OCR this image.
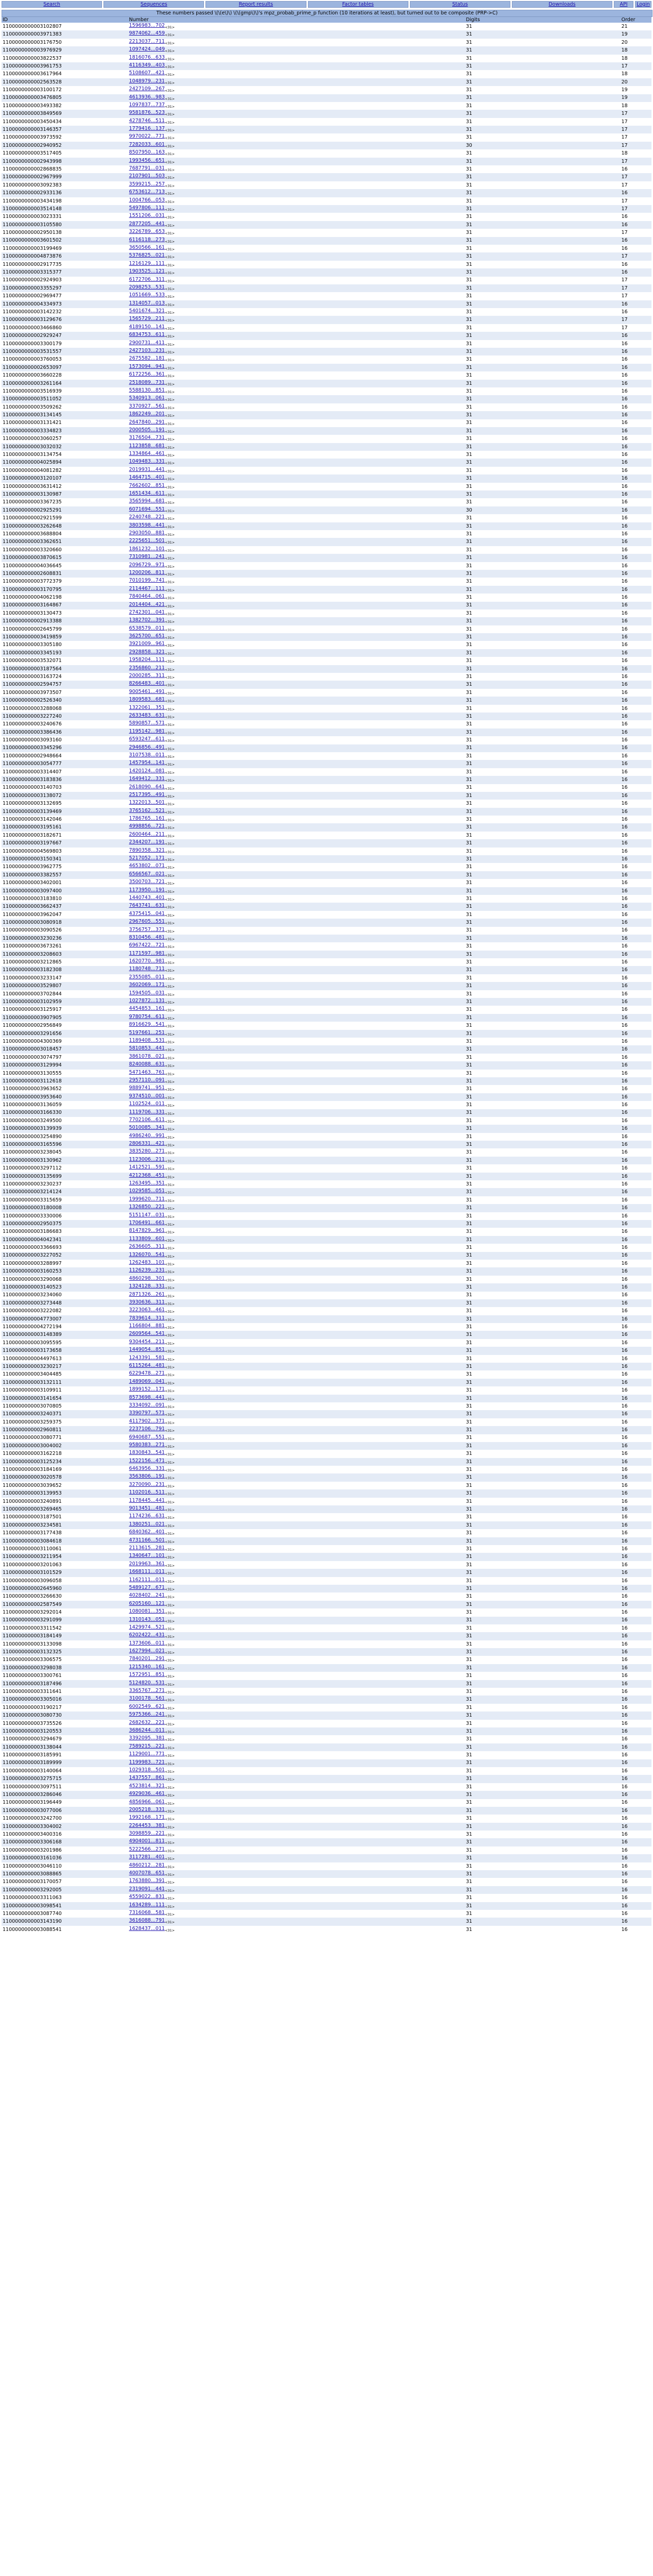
Search	Sequences	Report results	Factor tables	Status	Downloads	API	Login
These numbers passed \(\(e\)\) \(\(gmp\)\)'s mpz_probab_prime_p function (10 iterations at least), but turned out to be composite (PRP->C)
ID	Number	Digits	Order
1100000000003102807	$1596983...702_{<31>}$	31	21
1100000000003971383	$9874062...459_{<31>}$	31	19
1100000000003176750	$2213037...711_{<31>}$	31	20
1100000000003976929	$1097424...049_{<31>}$	31	18
1100000000003822537	$1816076...633_{<31>}$	31	18
1100000000003961753	$4116349...403_{<31>}$	31	17
1100000000003617964	$5108607...421_{<31>}$	31	18
1100000000002563528	$1048979...231_{<31>}$	31	20
1100000000003100172	$2427109...267_{<31>}$	31	19
1100000000003476805	$4613936...983_{<31>}$	31	19
1100000000003493382	$1097837...737_{<31>}$	31	18
1100000000003849569	$9581876...523_{<31>}$	31	17
1100000000003450434	$4278746...511_{<31>}$	31	17
1100000000003146357	$1779416...137_{<31>}$	31	17
1100000000003973592	$9970022...771_{<31>}$	31	17
1100000000002940952	$7282033...601_{<31>}$	30	17
1100000000003517405	$8507950...163_{<31>}$	31	18
1100000000002943998	$1993456...651_{<31>}$	31	17
1100000000002868835	$7687791...031_{<31>}$	31	16
1100000000002967999	$2107901...503_{<31>}$	31	17
1100000000003092383	$3599215...257_{<31>}$	31	17
1100000000002933136	$6753612...713_{<31>}$	31	16
1100000000003434198	$1004766...053_{<31>}$	31	17
1100000000003514148	$5497806...111_{<31>}$	31	17
1100000000003023331	$1551206...031_{<31>}$	31	16
1100000000003105580	$2877205...441_{<31>}$	31	16
1100000000002950138	$3226789...653_{<31>}$	31	17
1100000000003601502	$6116118...273_{<31>}$	31	16
1100000000003199469	$3650566...161_{<31>}$	31	16
1100000000004873876	$5376825...021_{<31>}$	31	17
1100000000002917735	$1216129...111_{<31>}$	31	16
1100000000003315377	$1903525...121_{<31>}$	31	16
1100000000002924903	$6172706...311_{<31>}$	31	17
1100000000003355297	$2098253...531_{<31>}$	31	17
1100000000002969477	$1051669...533_{<31>}$	31	17
1100000000004334973	$1314057...013_{<31>}$	31	16
1100000000003142232	$5401674...321_{<31>}$	31	16
1100000000003129676	$1565729...211_{<31>}$	31	17
1100000000003466860	$4189150...141_{<31>}$	31	17
1100000000002929247	$6834753...611_{<31>}$	31	16
1100000000003300179	$2900731...411_{<31>}$	31	16
1100000000003531557	$2427103...231_{<31>}$	31	16
1100000000003760053	$2675582...181_{<31>}$	31	16
1100000000002653097	$1573094...941_{<31>}$	31	16
1100000000003660228	$6172256...361_{<31>}$	31	16
1100000000003261164	$2518089...731_{<31>}$	31	16
1100000000003516939	$5588130...851_{<31>}$	31	16
1100000000003511052	$5340913...061_{<31>}$	31	16
1100000000003509262	$3370927...561_{<31>}$	31	16
1100000000003134145	$1862249...201_{<31>}$	31	16
1100000000003131421	$2647840...291_{<31>}$	31	16
1100000000003334823	$2000505...191_{<31>}$	31	16
1100000000003060257	$3176504...731_{<31>}$	31	16
1100000000003032032	$1123858...681_{<31>}$	31	16
1100000000003134754	$1334864...461_{<31>}$	31	16
1100000000004025894	$1049483...331_{<31>}$	31	16
1100000000004081282	$2019931...441_{<31>}$	31	16
1100000000003120107	$1464715...401_{<31>}$	31	16
1100000000003631412	$7662602...851_{<31>}$	31	16
1100000000003130987	$1651434...611_{<31>}$	31	16
1100000000003367235	$3565994...681_{<31>}$	31	16
1100000000002925291	$6071694...551_{<31>}$	30	16
1100000000002921599	$2240748...221_{<31>}$	31	16
1100000000003262648	$3803598...441_{<31>}$	31	16
1100000000003688804	$2903050...881_{<31>}$	31	16
1100000000003362651	$2225651...501_{<31>}$	31	16
1100000000003320660	$1861232...101_{<31>}$	31	16
1100000000003870615	$7310981...241_{<31>}$	31	16
1100000000004036645	$2096729...971_{<31>}$	31	16
1100000000002608831	$1200206...811_{<31>}$	31	16
1100000000003772379	$7010199...741_{<31>}$	31	16
1100000000003170795	$2114467...111_{<31>}$	31	16
1100000000004062198	$7840464...061_{<31>}$	31	16
1100000000003164867	$2014404...421_{<31>}$	31	16
1100000000003130473	$2742301...041_{<31>}$	31	16
1100000000002913388	$1382702...391_{<31>}$	31	16
1100000000002645799	$6538579...011_{<31>}$	31	16
1100000000003419859	$3625700...651_{<31>}$	31	16
1100000000003305180	$3921009...961_{<31>}$	31	16
1100000000003345193	$2928858...321_{<31>}$	31	16
1100000000003532071	$1958204...111_{<31>}$	31	16
1100000000003187564	$2356860...211_{<31>}$	31	16
1100000000003163724	$2000285...311_{<31>}$	31	16
1100000000002594757	$8266483...401_{<31>}$	31	16
1100000000003973507	$9005461...491_{<31>}$	31	16
1100000000002526340	$1809583...681_{<31>}$	31	16
1100000000003288068	$1322061...351_{<31>}$	31	16
1100000000003227240	$2633483...631_{<31>}$	31	16
1100000000003240676	$5890857...571_{<31>}$	31	16
1100000000003386436	$1195142...981_{<31>}$	31	16
1100000000003093160	$6593247...611_{<31>}$	31	16
1100000000003345296	$2946856...491_{<31>}$	31	16
1100000000002948664	$3107538...011_{<31>}$	31	16
1100000000003054777	$1457954...141_{<31>}$	31	16
1100000000003314407	$1420124...081_{<31>}$	31	16
1100000000003183836	$1649412...331_{<31>}$	31	16
1100000000003140703	$2618090...641_{<31>}$	31	16
1100000000003138072	$2517395...491_{<31>}$	31	16
1100000000003132695	$1322013...501_{<31>}$	31	16
1100000000003139469	$3765162...521_{<31>}$	31	16
1100000000003142046	$1786765...161_{<31>}$	31	16
1100000000003195161	$4998856...721_{<31>}$	31	16
1100000000003182671	$2600464...211_{<31>}$	31	16
1100000000003197667	$2344207...191_{<31>}$	31	16
1100000000004569803	$7890358...321_{<31>}$	31	16
1100000000003150341	$5217052...171_{<31>}$	31	16
1100000000003962775	$4653802...071_{<31>}$	31	16
1100000000003382557	$6566567...021_{<31>}$	31	16
1100000000003402001	$3500703...721_{<31>}$	31	16
1100000000003097400	$1173950...191_{<31>}$	31	16
1100000000003183810	$1440743...401_{<31>}$	31	16
1100000000003662437	$7643741...631_{<31>}$	31	16
1100000000003962047	$4375415...041_{<31>}$	31	16
1100000000003080918	$2967605...551_{<31>}$	31	16
1100000000003090526	$3756757...371_{<31>}$	31	16
1100000000003230236	$8310456...481_{<31>}$	31	16
1100000000003673261	$6967422...721_{<31>}$	31	16
1100000000003208603	$1171597...981_{<31>}$	31	16
1100000000003212865	$1620770...981_{<31>}$	31	16
1100000000003182308	$1180748...711_{<31>}$	31	16
1100000000003233147	$2355085...011_{<31>}$	31	16
1100000000003529807	$3602069...171_{<31>}$	31	16
1100000000003702844	$1594505...031_{<31>}$	31	16
1100000000003102959	$1027872...131_{<31>}$	31	16
1100000000003125917	$4454853...161_{<31>}$	31	16
1100000000003907905	$9780754...611_{<31>}$	31	16
1100000000002956849	$8916629...541_{<31>}$	31	16
1100000000003291656	$5197661...251_{<31>}$	31	16
1100000000004300369	$1189408...531_{<31>}$	31	16
1100000000003018457	$5810853...441_{<31>}$	31	16
1100000000003074797	$3861078...021_{<31>}$	31	16
1100000000003129994	$8240088...631_{<31>}$	31	16
1100000000003130555	$5471463...761_{<31>}$	31	16
1100000000003112618	$2957110...091_{<31>}$	31	16
1100000000003963652	$9889741...951_{<31>}$	31	16
1100000000003953640	$9374510...001_{<31>}$	31	16
1100000000003136059	$1102524...011_{<31>}$	31	16
1100000000003166330	$1119706...331_{<31>}$	31	16
1100000000003249500	$7702106...611_{<31>}$	31	16
1100000000003139939	$5010085...341_{<31>}$	31	16
1100000000003254890	$4986240...991_{<31>}$	31	16
1100000000003165596	$2806331...421_{<31>}$	31	16
1100000000003238045	$3835280...271_{<31>}$	31	16
1100000000003130962	$1123006...211_{<31>}$	31	16
1100000000003297112	$1412521...591_{<31>}$	31	16
1100000000003135699	$4212368...451_{<31>}$	31	16
1100000000003230237	$1263495...351_{<31>}$	31	16
1100000000003214124	$1029585...051_{<31>}$	31	16
1100000000003315659	$1999620...711_{<31>}$	31	16
1100000000003180008	$1326850...221_{<31>}$	31	16
1100000000003330006	$5151147...031_{<31>}$	31	16
1100000000002950375	$1706491...661_{<31>}$	31	16
1100000000003186683	$8147829...961_{<31>}$	31	16
1100000000004042341	$1133809...601_{<31>}$	31	16
1100000000003366693	$2636605...311_{<31>}$	31	16
1100000000003227052	$1326070...541_{<31>}$	31	16
1100000000003288997	$1262483...101_{<31>}$	31	16
1100000000003160253	$1126239...231_{<31>}$	31	16
1100000000003290068	$4860298...301_{<31>}$	31	16
1100000000003140523	$1324128...331_{<31>}$	31	16
1100000000003234060	$2871326...261_{<31>}$	31	16
1100000000003273448	$3930636...311_{<31>}$	31	16
1100000000003222082	$3223063...461_{<31>}$	31	16
1100000000004773007	$7839614...311_{<31>}$	31	16
1100000000004272194	$1166804...881_{<31>}$	31	16
1100000000003148389	$2609564...541_{<31>}$	31	16
1100000000003095595	$9304454...211_{<31>}$	31	16
1100000000003173658	$1449054...851_{<31>}$	31	16
1100000000004497613	$1243391...581_{<31>}$	31	16
1100000000003230217	$6115264...481_{<31>}$	31	16
1100000000003404485	$6229478...271_{<31>}$	31	16
1100000000003132111	$1489069...041_{<31>}$	31	16
1100000000003109911	$1899152...171_{<31>}$	31	16
1100000000003141654	$8573698...441_{<31>}$	31	16
1100000000003070805	$3334092...091_{<31>}$	31	16
1100000000003240371	$3390797...571_{<31>}$	31	16
1100000000003259375	$4117902...371_{<31>}$	31	16
1100000000002960811	$2237106...791_{<31>}$	31	16
1100000000003080771	$6940687...551_{<31>}$	31	16
1100000000003004002	$9580383...271_{<31>}$	31	16
1100000000003162218	$1830843...541_{<31>}$	31	16
1100000000003125234	$1522156...471_{<31>}$	31	16
1100000000003184169	$6463956...331_{<31>}$	31	16
1100000000003020578	$3563806...191_{<31>}$	31	16
1100000000003039652	$3270090...231_{<31>}$	31	16
1100000000003139953	$1102016...511_{<31>}$	31	16
1100000000003240891	$1178445...441_{<31>}$	31	16
1100000000003269465	$9013451...481_{<31>}$	31	16
1100000000003187501	$1174236...631_{<31>}$	31	16
1100000000003234581	$1380251...021_{<31>}$	31	16
1100000000003177438	$6840362...401_{<31>}$	31	16
1100000000003084618	$4731166...501_{<31>}$	31	16
1100000000003110061	$2113615...281_{<31>}$	31	16
1100000000003211954	$1340647...101_{<31>}$	31	16
1100000000003201063	$2019963...361_{<31>}$	31	16
1100000000003101529	$1668111...011_{<31>}$	31	16
1100000000003096058	$1162111...011_{<31>}$	31	16
1100000000002645960	$5489127...671_{<31>}$	31	16
1100000000003266630	$4028402...241_{<31>}$	31	16
1100000000002587549	$6205160...121_{<31>}$	31	16
1100000000003292014	$1080081...351_{<31>}$	31	16
1100000000003291099	$1310143...051_{<31>}$	31	16
1100000000003311542	$1429974...521_{<31>}$	31	16
1100000000003184149	$6202422...431_{<31>}$	31	16
1100000000003133098	$1373606...011_{<31>}$	31	16
1100000000003132325	$1627994...021_{<31>}$	31	16
1100000000003306575	$7840201...291_{<31>}$	31	16
1100000000003298038	$1215340...161_{<31>}$	31	16
1100000000003300761	$1572951...851_{<31>}$	31	16
1100000000003187496	$5124820...531_{<31>}$	31	16
1100000000003311641	$3365767...271_{<31>}$	31	16
1100000000003305016	$3100178...561_{<31>}$	31	16
1100000000003190217	$6002549...621_{<31>}$	31	16
1100000000003080730	$5975366...241_{<31>}$	31	16
1100000000003735526	$2682632...221_{<31>}$	31	16
1100000000003120553	$3686244...011_{<31>}$	31	16
1100000000003294679	$3392095...381_{<31>}$	31	16
1100000000003138044	$7589215...221_{<31>}$	31	16
1100000000003185991	$1129001...771_{<31>}$	31	16
1100000000003189999	$1199983...721_{<31>}$	31	16
1100000000003140064	$1029318...501_{<31>}$	31	16
1100000000003275715	$1437557...861_{<31>}$	31	16
1100000000003097511	$4523814...321_{<31>}$	31	16
1100000000003286046	$4929036...461_{<31>}$	31	16
1100000000003196449	$4856966...061_{<31>}$	31	16
1100000000003077006	$2005218...331_{<31>}$	31	16
1100000000003242700	$1992168...171_{<31>}$	31	16
1100000000003304002	$2264453...381_{<31>}$	31	16
1100000000003400316	$3098859...221_{<31>}$	31	16
1100000000003306168	$4904001...811_{<31>}$	31	16
1100000000003201986	$5222566...271_{<31>}$	31	16
1100000000003161036	$3117281...401_{<31>}$	31	16
1100000000003046110	$4860212...281_{<31>}$	31	16
1100000000003088865	$4007078...651_{<31>}$	31	16
1100000000003170057	$1763880...391_{<31>}$	31	16
1100000000003292005	$2319091...441_{<31>}$	31	16
1100000000003311063	$4559022...831_{<31>}$	31	16
1100000000003098541	$1634289...111_{<31>}$	31	16
1100000000003087740	$7316068...581_{<31>}$	31	16
1100000000003143190	$3616088...791_{<31>}$	31	16
1100000000003088541	$1628437...011_{<31>}$	31	16
